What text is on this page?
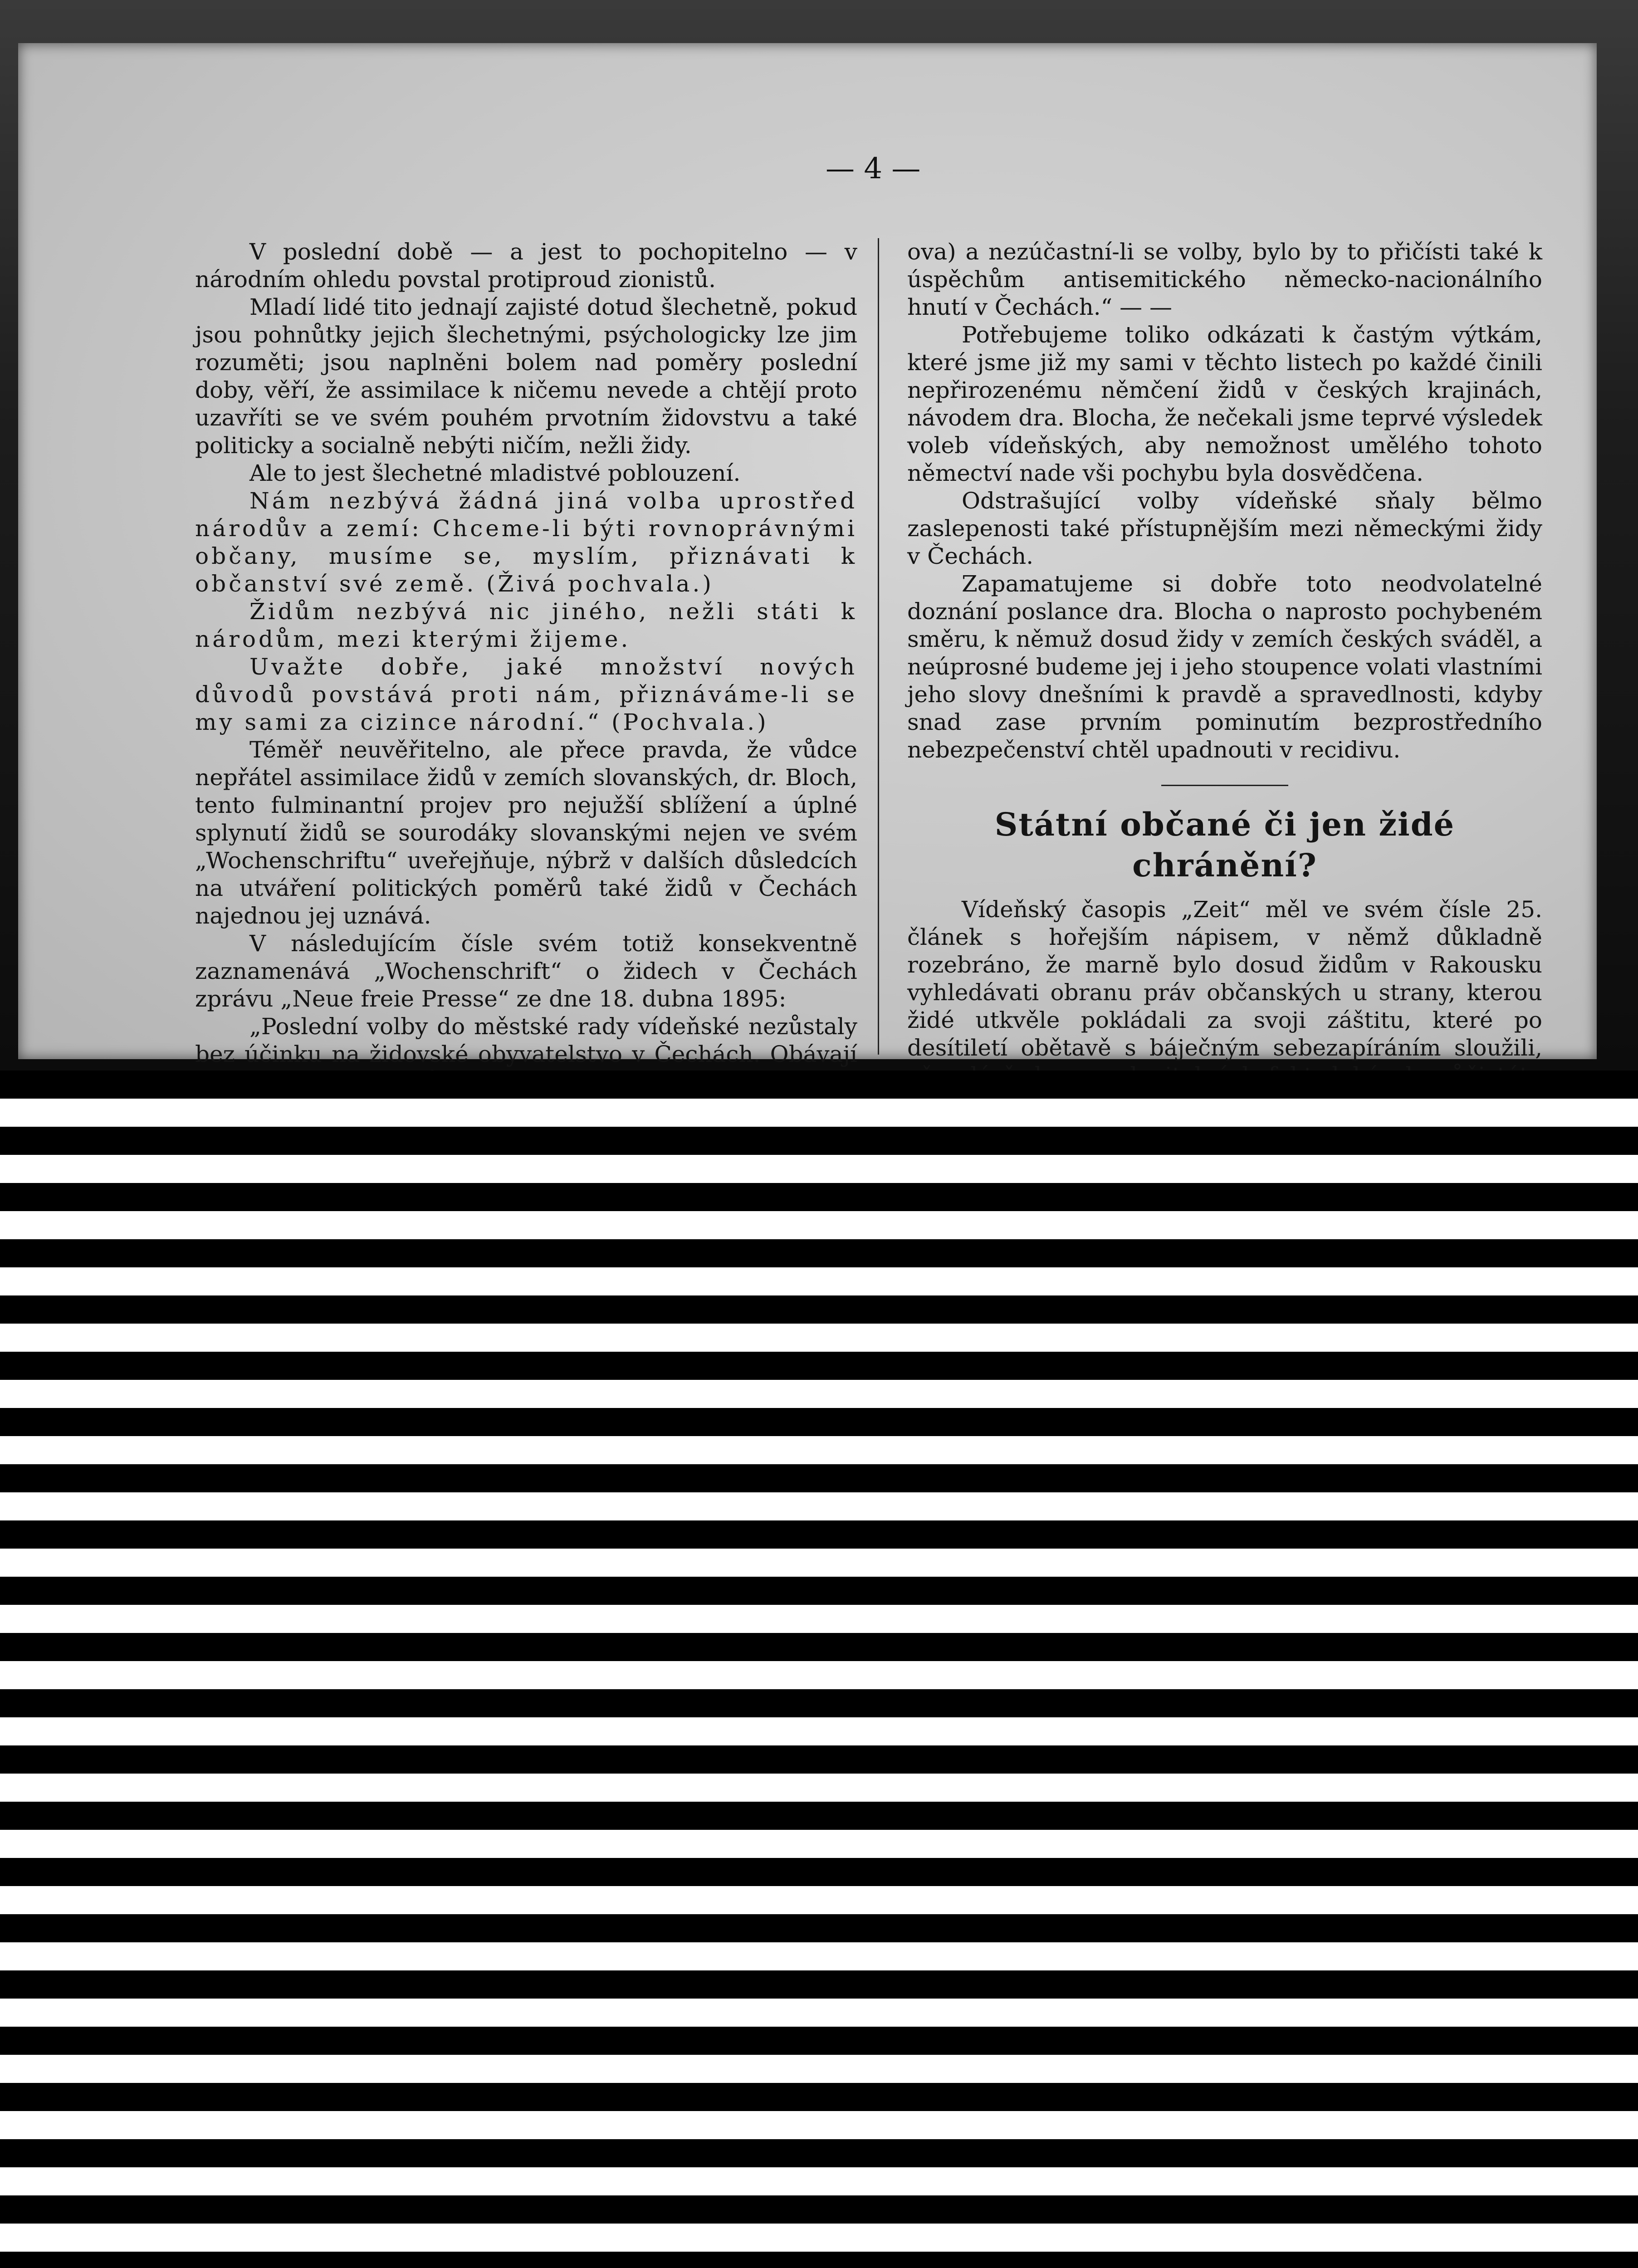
— 4 —

V poslední době — a jest to pochopitelno — v národním ohledu povstal protiproud zionistů.

Mladí lidé tito jednají zajisté dotud šlechetně, pokud jsou pohnůtky jejich šlechetnými, psýchologicky lze jim rozuměti; jsou naplněni bolem nad poměry poslední doby, věří, že assimilace k ničemu nevede a chtějí proto uzavříti se ve svém pouhém prvotním židovstvu a také politicky a socialně nebýti ničím, nežli židy.

Ale to jest šlechetné mladistvé poblouzení.

Nám nezbývá žádná jiná volba uprostřed národův a zemí: Chceme-li býti rovnoprávnými občany, musíme se, myslím, přiznávati k občanství své země. (Živá pochvala.)

Židům nezbývá nic jiného, nežli státi k národům, mezi kterými žijeme.

Uvažte dobře, jaké množství nových důvodů povstává proti nám, přiznáváme-li se my sami za cizince národní.“ (Pochvala.)

Téměř neuvěřitelno, ale přece pravda, že vůdce nepřátel assimilace židů v zemích slovanských, dr. Bloch, tento fulminantní projev pro nejužší sblížení a úplné splynutí židů se sourodáky slovanskými nejen ve svém „Wochenschriftu“ uveřejňuje, nýbrž v dalších důsledcích na utváření politických poměrů také židů v Čechách najednou jej uznává.

V následujícím čísle svém totiž konsekventně zaznamenává „Wochenschrift“ o židech v Čechách zprávu „Neue freie Presse“ ze dne 18. dubna 1895:

„Poslední volby do městské rady vídeňské nezůstaly bez účinku na židovské obyvatelstvo v Čechách. Obávají

ova) a nezúčastní-li se volby, bylo by to přičísti také k úspěchům antisemitického německo-nacionálního hnutí v Čechách.“ — —

Potřebujeme toliko odkázati k častým výtkám, které jsme již my sami v těchto listech po každé činili nepřirozenému němčení židů v českých krajinách, návodem dra. Blocha, že nečekali jsme teprvé výsledek voleb vídeňských, aby nemožnost umělého tohoto němectví nade vši pochybu byla dosvědčena.

Odstrašující volby vídeňské sňaly bělmo zaslepenosti také přístupnějším mezi německými židy v Čechách.

Zapamatujeme si dobře toto neodvolatelné doznání poslance dra. Blocha o naprosto pochybeném směru, k němuž dosud židy v zemích českých sváděl, a neúprosné budeme jej i jeho stoupence volati vlastními jeho slovy dnešními k pravdě a spravedlnosti, kdyby snad zase prvním pominutím bezprostředního nebezpečenství chtěl upadnouti v recidivu.

Státní občané či jen židé chránění?

Vídeňský časopis „Zeit“ měl ve svém čísle 25. článek s hořejším nápisem, v němž důkladně rozebráno, že marně bylo dosud židům v Rakousku vyhledávati obranu práv občanských u strany, kterou židé utkvěle pokládali za svoji záštitu, které po desítiletí obětavě s báječným sebezapíráním sloužili,
